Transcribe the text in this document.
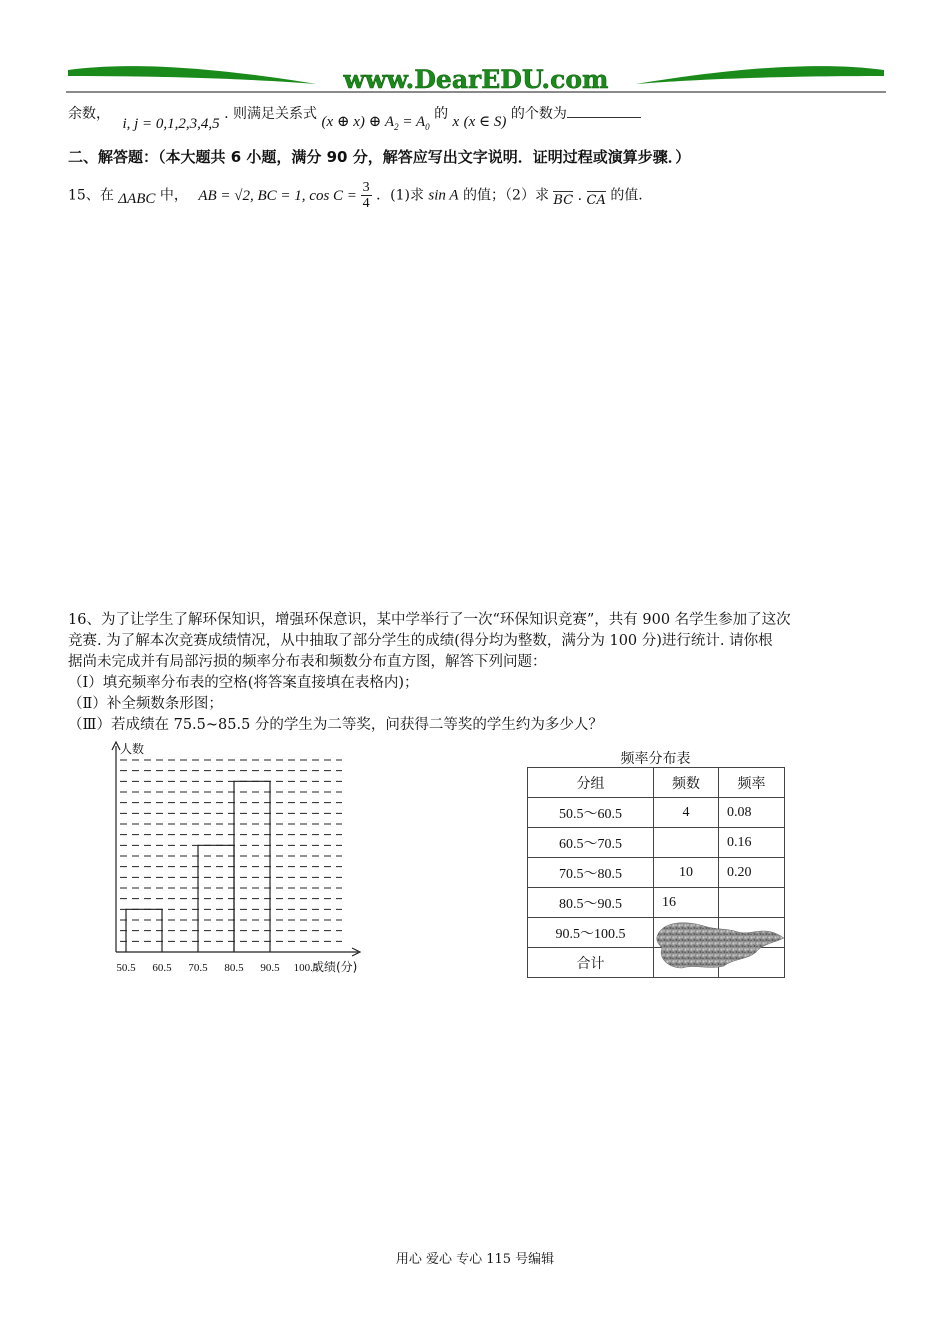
www.DearEDU.com
余数， i, j = 0,1,2,3,4,5 . 则满足关系式 (x ⊕ x) ⊕ $A_2 = A_0$ 的 x (x ∈ S) 的个数为
二、解答题：（本大题共 6 小题，满分 90 分，解答应写出文字说明．证明过程或演算步骤．）
15、在 ΔABC 中， AB = √2, BC = 1, $\cos C = \frac{3}{4}$ ．(1)求 sin A 的值；（2）求 BC · CA 的值.
16、为了让学生了解环保知识，增强环保意识，某中学举行了一次“环保知识竞赛”，共有 900 名学生参加了这次
竞赛. 为了解本次竞赛成绩情况，从中抽取了部分学生的成绩(得分均为整数，满分为 100 分)进行统计. 请你根
据尚未完成并有局部污损的频率分布表和频数分布直方图，解答下列问题：
（Ⅰ）填充频率分布表的空格(将答案直接填在表格内)；
（Ⅱ）补全频数条形图；
（Ⅲ）若成绩在 75.5~85.5 分的学生为二等奖，问获得二等奖的学生约为多少人？
人数
成绩(分)
50.5 60.5 70.5 80.5 90.5 100.5
频率分布表
分组	频数	频率
50.5～60.5	4	0.08
60.5～70.5		0.16
70.5～80.5	10	0.20
80.5～90.5	16	
90.5～100.5		
合计		
用心 爱心 专心 115 号编辑
